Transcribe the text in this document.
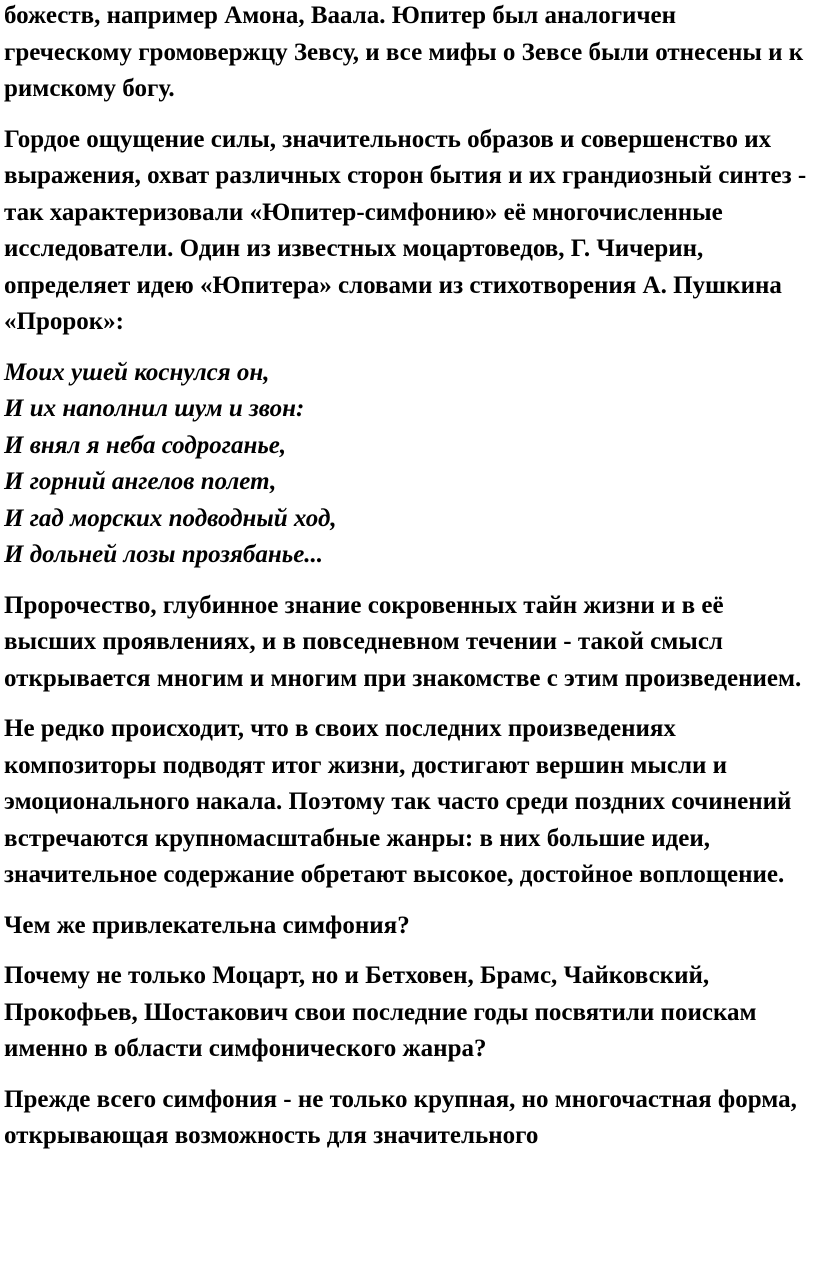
божеств, например Амона, Ваала. Юпитер был аналогичен греческому громовержцу Зевсу, и все мифы о Зевсе были отнесены и к римскому богу.

Гордое ощущение силы, значительность образов и совершенство их выражения, охват различных сторон бытия и их грандиозный синтез - так характеризовали «Юпитер-симфонию» её многочисленные исследователи. Один из известных моцартоведов, Г. Чичерин, определяет идею «Юпитера» словами из стихотворения А. Пушкина «Пророк»:

Моих ушей коснулся он,
И их наполнил шум и звон:
И внял я неба содроганье,
И горний ангелов полет,
И гад морских подводный ход,
И дольней лозы прозябанье...

Пророчество, глубинное знание сокровенных тайн жизни и в её высших проявлениях, и в повседневном течении - такой смысл открывается многим и многим при знакомстве с этим произведением.

Не редко происходит, что в своих последних произведениях композиторы подводят итог жизни, достигают вершин мысли и эмоционального накала. Поэтому так часто среди поздних сочинений встречаются крупномасштабные жанры: в них большие идеи, значительное содержание обретают высокое, достойное воплощение.

Чем же привлекательна симфония?

Почему не только Моцарт, но и Бетховен, Брамс, Чайковский, Прокофьев, Шостакович свои последние годы посвятили поискам именно в области симфонического жанра?

Прежде всего симфония - не только крупная, но многочастная форма, открывающая возможность для значительного
